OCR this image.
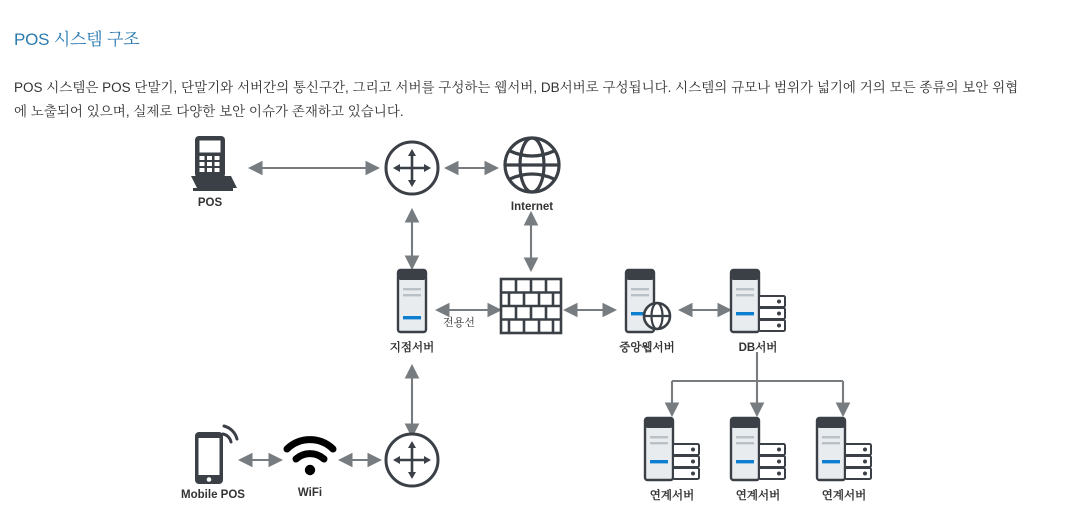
POS 시스템 구조

POS 시스템은 POS 단말기, 단말기와 서버간의 통신구간, 그리고 서버를 구성하는 웹서버, DB서버로 구성됩니다. 시스템의 규모나 범위가 넓기에 거의 모든 종류의 보안 위협에 노출되어 있으며, 실제로 다양한 보안 이슈가 존재하고 있습니다.

POS	Internet
지점서버
전용선
중앙웹서버	DB서버
Mobile POS	WiFi	연계서버	연계서버	연계서버
